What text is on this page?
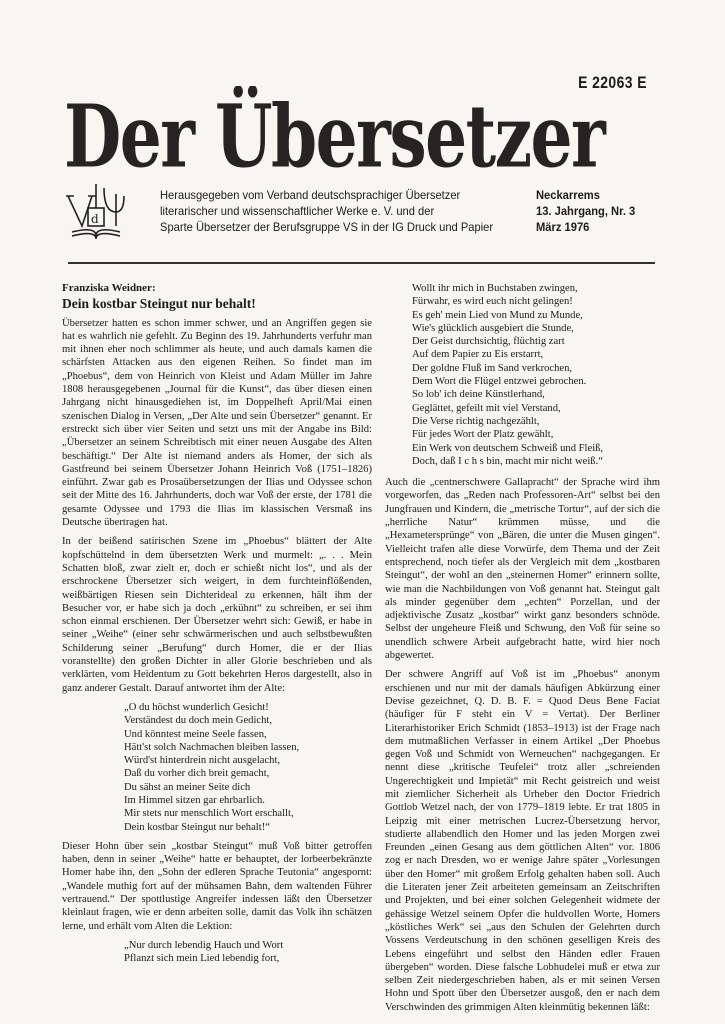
E 22063 E
Der Übersetzer
d
Herausgegeben vom Verband deutschsprachiger Übersetzer
literarischer und wissenschaftlicher Werke e. V. und der
Sparte Übersetzer der Berufsgruppe VS in der IG Druck und Papier
Neckarrems
13. Jahrgang, Nr. 3
März 1976
Franziska Weidner:
Dein kostbar Steingut nur behalt!

Übersetzer hatten es schon immer schwer, und an Angriffen gegen sie hat es wahrlich nie gefehlt. Zu Beginn des 19. Jahrhunderts verfuhr man mit ihnen eher noch schlimmer als heute, und auch damals kamen die schärfsten Attacken aus den eigenen Reihen. So findet man im „Phoebus“, dem von Heinrich von Kleist und Adam Müller im Jahre 1808 herausgegebenen „Journal für die Kunst“, das über diesen einen Jahrgang nicht hinausgediehen ist, im Doppelheft April/Mai einen szenischen Dialog in Versen, „Der Alte und sein Übersetzer“ genannt. Er erstreckt sich über vier Seiten und setzt uns mit der Angabe ins Bild: „Übersetzer an seinem Schreibtisch mit einer neuen Ausgabe des Alten beschäftigt.“ Der Alte ist niemand anders als Homer, der sich als Gastfreund bei seinem Übersetzer Johann Heinrich Voß (1751–1826) einführt. Zwar gab es Prosaübersetzungen der Ilias und Odyssee schon seit der Mitte des 16. Jahrhunderts, doch war Voß der erste, der 1781 die gesamte Odyssee und 1793 die Ilias im klassischen Versmaß ins Deutsche übertragen hat.

In der beißend satirischen Szene im „Phoebus“ blättert der Alte kopfschüttelnd in dem übersetzten Werk und murmelt: „. . . Mein Schatten bloß, zwar zielt er, doch er schießt nicht los“, und als der erschrockene Übersetzer sich weigert, in dem furchteinflößenden, weißbärtigen Riesen sein Dichterideal zu erkennen, hält ihm der Besucher vor, er habe sich ja doch „erkühnt“ zu schreiben, er sei ihm schon einmal erschienen. Der Übersetzer wehrt sich: Gewiß, er habe in seiner „Weihe“ (einer sehr schwärmerischen und auch selbstbewußten Schilderung seiner „Berufung“ durch Homer, die er der Ilias voranstellte) den großen Dichter in aller Glorie beschrieben und als verklärten, vom Heidentum zu Gott bekehrten Heros dargestellt, also in ganz anderer Gestalt. Darauf antwortet ihm der Alte:

„O du höchst wunderlich Gesicht!
Verständest du doch mein Gedicht,
Und könntest meine Seele fassen,
Hätt'st solch Nachmachen bleiben lassen,
Würd'st hinterdrein nicht ausgelacht,
Daß du vorher dich breit gemacht,
Du sähst an meiner Seite dich
Im Himmel sitzen gar ehrbarlich.
Mir stets nur menschlich Wort erschallt,
Dein kostbar Steingut nur behalt!“

Dieser Hohn über sein „kostbar Steingut“ muß Voß bitter getroffen haben, denn in seiner „Weihe“ hatte er behauptet, der lorbeerbekränzte Homer habe ihn, den „Sohn der edleren Sprache Teutonia“ angespornt: „Wandele muthig fort auf der mühsamen Bahn, dem waltenden Führer vertrauend.“ Der spottlustige Angreifer indessen läßt den Übersetzer kleinlaut fragen, wie er denn arbeiten solle, damit das Volk ihn schätzen lerne, und erhält vom Alten die Lektion:

„Nur durch lebendig Hauch und Wort
Pflanzt sich mein Lied lebendig fort,
Wollt ihr mich in Buchstaben zwingen,
Fürwahr, es wird euch nicht gelingen!
Es geh' mein Lied von Mund zu Munde,
Wie's glücklich ausgebiert die Stunde,
Der Geist durchsichtig, flüchtig zart
Auf dem Papier zu Eis erstarrt,
Der goldne Fluß im Sand verkrochen,
Dem Wort die Flügel entzwei gebrochen.
So lob' ich deine Künstlerhand,
Geglättet, gefeilt mit viel Verstand,
Die Verse richtig nachgezählt,
Für jedes Wort der Platz gewählt,
Ein Werk von deutschem Schweiß und Fleiß,
Doch, daß I c h s bin, macht mir nicht weiß.“

Auch die „centnerschwere Gallapracht“ der Sprache wird ihm vorgeworfen, das „Reden nach Professoren-Art“ selbst bei den Jungfrauen und Kindern, die „metrische Tortur“, auf der sich die „herrliche Natur“ krümmen müsse, und die „Hexametersprünge“ von „Bären, die unter die Musen gingen“. Vielleicht trafen alle diese Vorwürfe, dem Thema und der Zeit entsprechend, noch tiefer als der Vergleich mit dem „kostbaren Steingut“, der wohl an den „steinernen Homer“ erinnern sollte, wie man die Nachbildungen von Voß genannt hat. Steingut galt als minder gegenüber dem „echten“ Porzellan, und der adjektivische Zusatz „kostbar“ wirkt ganz besonders schnöde. Selbst der ungeheure Fleiß und Schwung, den Voß für seine so unendlich schwere Arbeit aufgebracht hatte, wird hier noch abgewertet.

Der schwere Angriff auf Voß ist im „Phoebus“ anonym erschienen und nur mit der damals häufigen Abkürzung einer Devise gezeichnet, Q. D. B. F. = Quod Deus Bene Faciat (häufiger für F steht ein V = Vertat). Der Berliner Literarhistoriker Erich Schmidt (1853–1913) ist der Frage nach dem mutmaßlichen Verfasser in einem Artikel „Der Phoebus gegen Voß und Schmidt von Werneuchen“ nachgegangen. Er nennt diese „kritische Teufelei“ trotz aller „schreienden Ungerechtigkeit und Impietät“ mit Recht geistreich und weist mit ziemlicher Sicherheit als Urheber den Doctor Friedrich Gottlob Wetzel nach, der von 1779–1819 lebte. Er trat 1805 in Leipzig mit einer metrischen Lucrez-Übersetzung hervor, studierte allabendlich den Homer und las jeden Morgen zwei Freunden „einen Gesang aus dem göttlichen Alten“ vor. 1806 zog er nach Dresden, wo er wenige Jahre später „Vorlesungen über den Homer“ mit großem Erfolg gehalten haben soll. Auch die Literaten jener Zeit arbeiteten gemeinsam an Zeitschriften und Projekten, und bei einer solchen Gelegenheit widmete der gehässige Wetzel seinem Opfer die huldvollen Worte, Homers „köstliches Werk“ sei „aus den Schulen der Gelehrten durch Vossens Verdeutschung in den schönen geselligen Kreis des Lebens eingeführt und selbst den Händen edler Frauen übergeben“ worden. Diese falsche Lobhudelei muß er etwa zur selben Zeit niedergeschrieben haben, als er mit seinen Versen Hohn und Spott über den Übersetzer ausgoß, den er nach dem Verschwinden des grimmigen Alten kleinmütig bekennen läßt:
